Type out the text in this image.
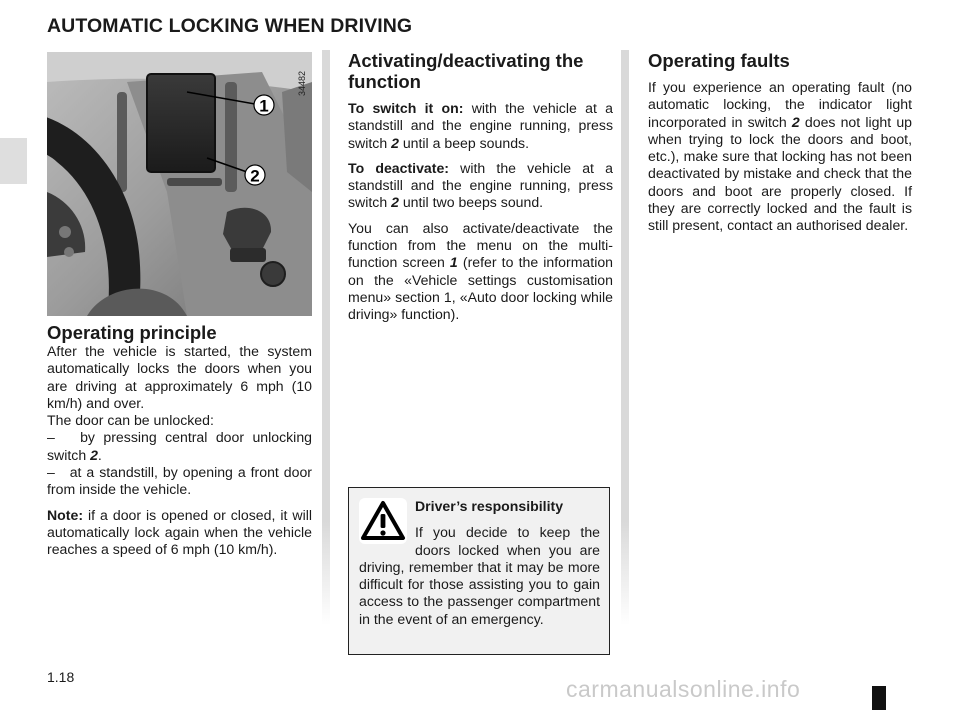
AUTOMATIC LOCKING WHEN DRIVING
1
2
34482
Operating principle

After the vehicle is started, the system automatically locks the doors when you are driving at approximately 6 mph (10 km/h) and over.

The door can be unlocked:

–   by pressing central door unlocking switch 2.

–   at a standstill, by opening a front door from inside the vehicle.

Note: if a door is opened or closed, it will automatically lock again when the vehicle reaches a speed of 6 mph (10 km/h).

Activating/deactivating the function

To switch it on: with the vehicle at a standstill and the engine running, press switch 2 until a beep sounds.

To deactivate: with the vehicle at a standstill and the engine running, press switch 2 until two beeps sound.

You can also activate/deactivate the function from the menu on the multi-function screen 1 (refer to the information on the «Vehicle settings customisation menu» section 1, «Auto door locking while driving» function).

Driver’s responsibility
If you decide to keep the doors locked when you are driving, remember that it may be more difficult for those assisting you to gain access to the passenger compartment in the event of an emergency.
Operating faults

If you experience an operating fault (no automatic locking, the indicator light incorporated in switch 2 does not light up when trying to lock the doors and boot, etc.), make sure that locking has not been deactivated by mistake and check that the doors and boot are properly closed. If they are correctly locked and the fault is still present, contact an authorised dealer.

1.18	carmanualsonline.info
